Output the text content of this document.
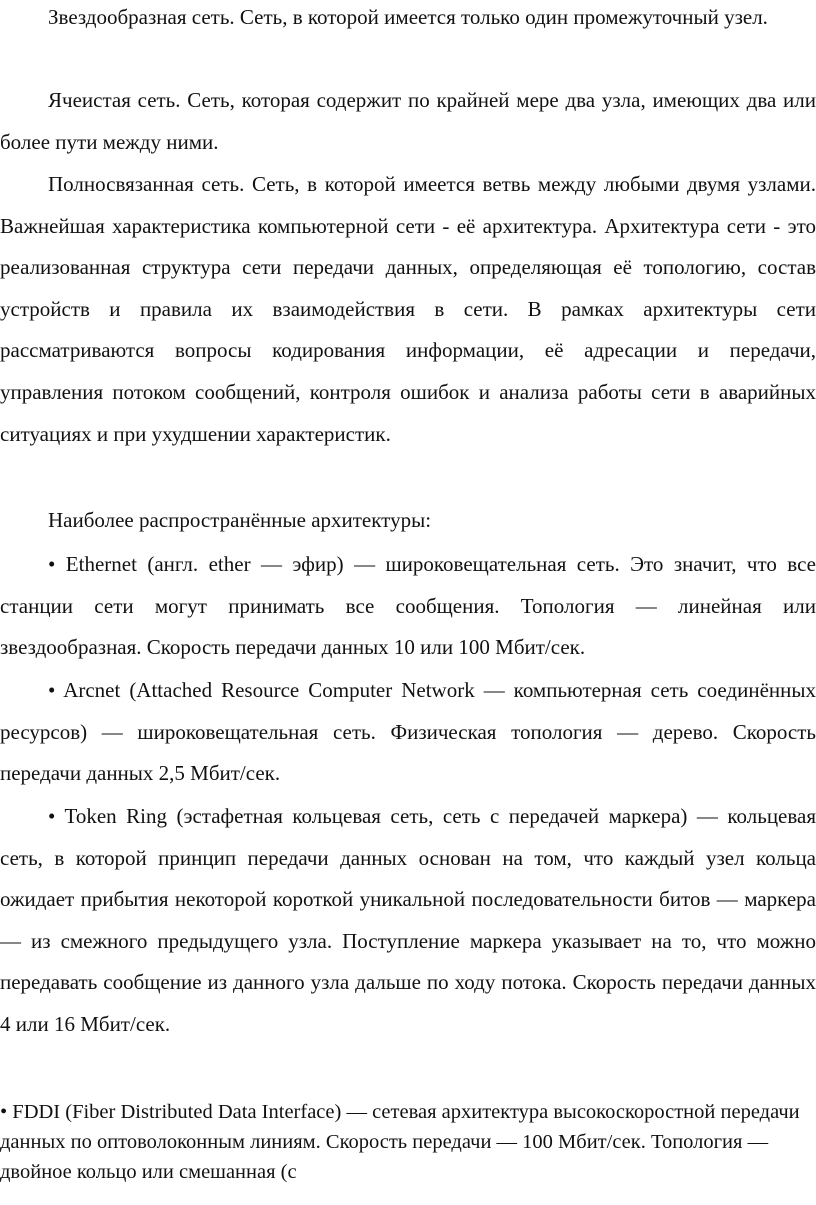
Звездообразная сеть. Сеть, в которой имеется только один промежуточный узел.

Ячеистая сеть. Сеть, которая содержит по крайней мере два узла, имеющих два или более пути между ними.

Полносвязанная сеть. Сеть, в которой имеется ветвь между любыми двумя узлами. Важнейшая характеристика компьютерной сети - её архитектура. Архитектура сети - это реализованная структура сети передачи данных, определяющая её топологию, состав устройств и правила их взаимодействия в сети. В рамках архитектуры сети рассматриваются вопросы кодирования информации, её адресации и передачи, управления потоком сообщений, контроля ошибок и анализа работы сети в аварийных ситуациях и при ухудшении характеристик.

Наиболее распространённые архитектуры:

• Ethernet (англ. ether — эфир) — широковещательная сеть. Это значит, что все станции сети могут принимать все сообщения. Топология — линейная или звездообразная. Скорость передачи данных 10 или 100 Мбит/сек.

• Arcnet (Attached Resource Computer Network — компьютерная сеть соединённых ресурсов) — широковещательная сеть. Физическая топология — дерево. Скорость передачи данных 2,5 Мбит/сек.

• Token Ring (эстафетная кольцевая сеть, сеть с передачей маркера) — кольцевая сеть, в которой принцип передачи данных основан на том, что каждый узел кольца ожидает прибытия некоторой короткой уникальной последовательности битов — маркера — из смежного предыдущего узла. Поступление маркера указывает на то, что можно передавать сообщение из данного узла дальше по ходу потока. Скорость передачи данных 4 или 16 Мбит/сек.

• FDDI (Fiber Distributed Data Interface) — сетевая архитектура высокоскоростной передачи данных по оптоволоконным линиям. Скорость передачи — 100 Мбит/сек. Топология — двойное кольцо или смешанная (с
